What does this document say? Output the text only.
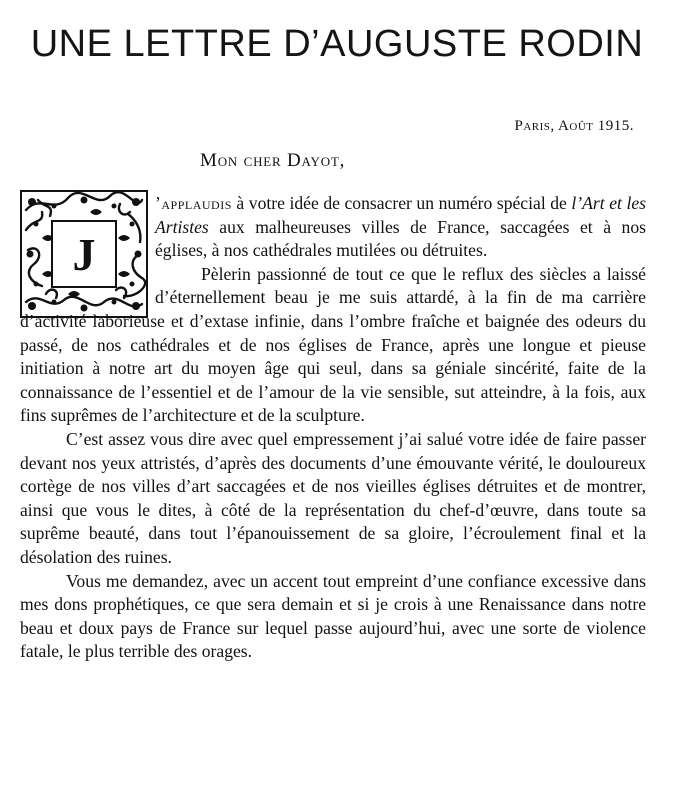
UNE LETTRE D’AUGUSTE RODIN
Paris, Août 1915.
Mon cher Dayot,
J

’applaudis à votre idée de consacrer un numéro spécial de l’Art et les Artistes aux malheureuses villes de France, saccagées et à nos églises, à nos cathédrales mutilées ou détruites.

Pèlerin passionné de tout ce que le reflux des siècles a laissé d’éternellement beau je me suis attardé, à la fin de ma carrière d’activité laborieuse et d’extase infinie, dans l’ombre fraîche et baignée des odeurs du passé, de nos cathédrales et de nos églises de France, après une longue et pieuse initiation à notre art du moyen âge qui seul, dans sa géniale sincérité, faite de la connaissance de l’essentiel et de l’amour de la vie sensible, sut atteindre, à la fois, aux fins suprêmes de l’architecture et de la sculpture.

C’est assez vous dire avec quel empressement j’ai salué votre idée de faire passer devant nos yeux attristés, d’après des documents d’une émouvante vérité, le douloureux cortège de nos villes d’art saccagées et de nos vieilles églises détruites et de montrer, ainsi que vous le dites, à côté de la représentation du chef-d’œuvre, dans toute sa suprême beauté, dans tout l’épanouissement de sa gloire, l’écroulement final et la désolation des ruines.

Vous me demandez, avec un accent tout empreint d’une confiance excessive dans mes dons prophétiques, ce que sera demain et si je crois à une Renaissance dans notre beau et doux pays de France sur lequel passe aujourd’hui, avec une sorte de violence fatale, le plus terrible des orages.
